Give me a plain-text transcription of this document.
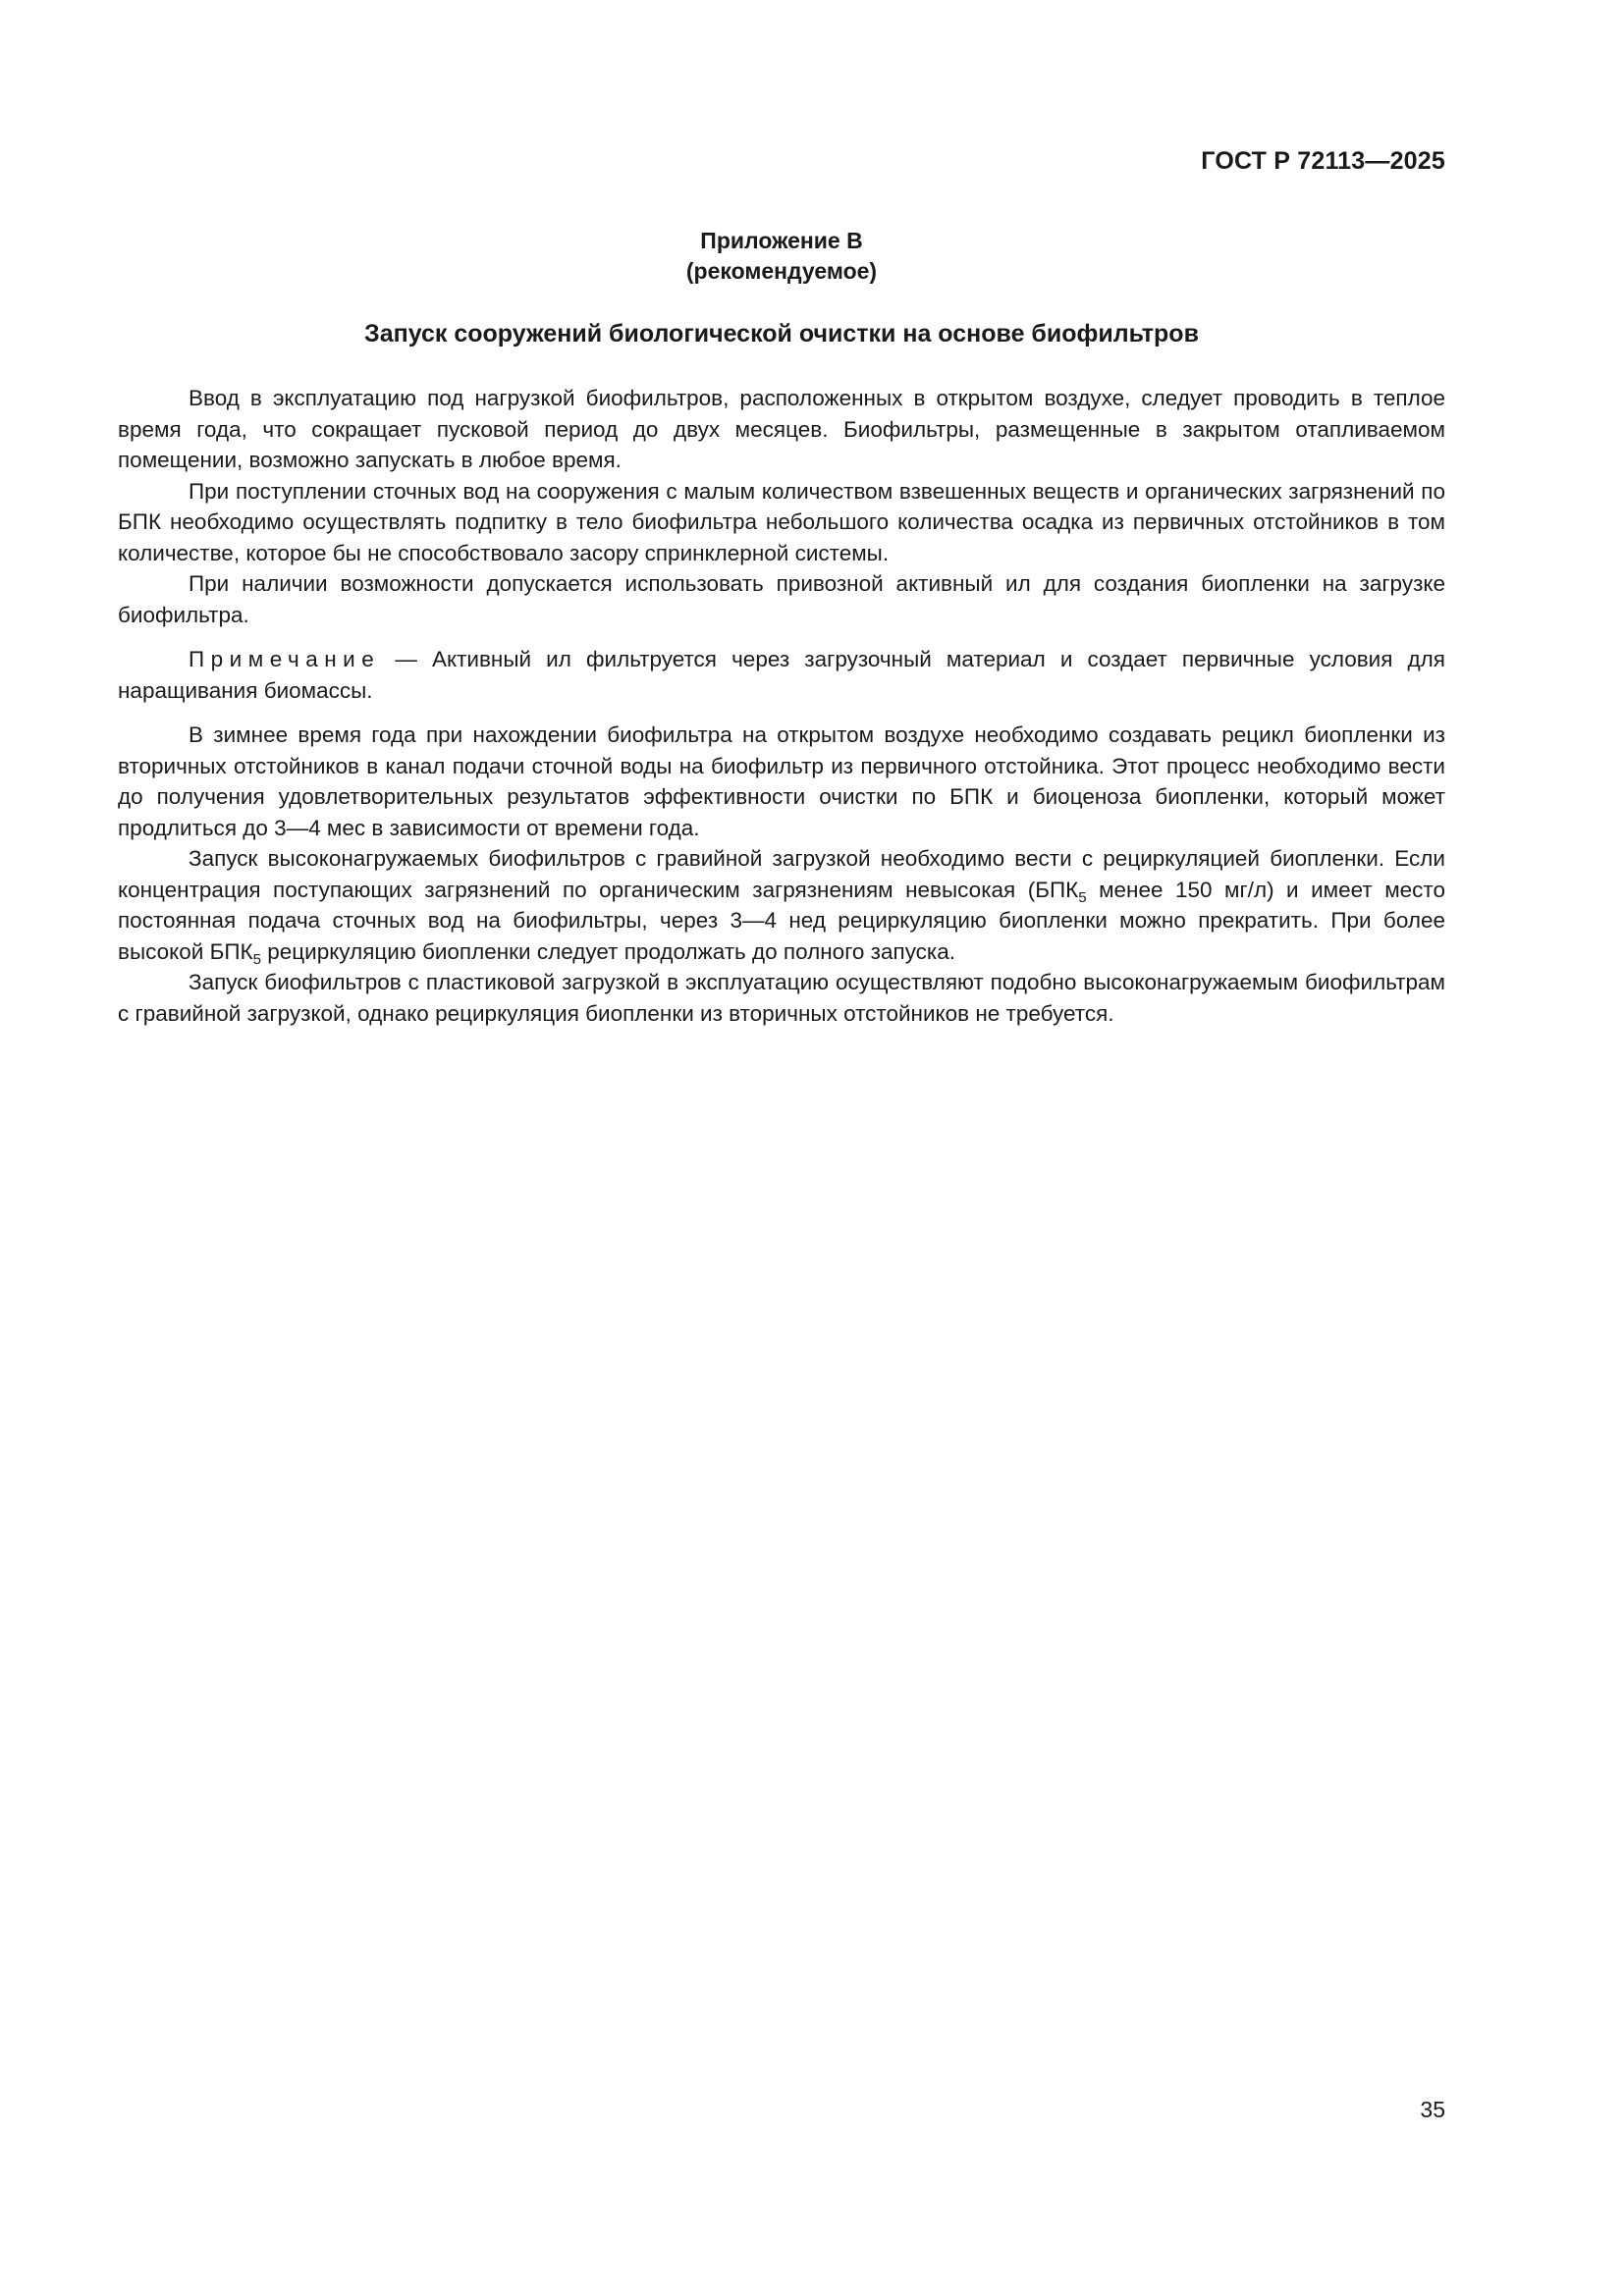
ГОСТ Р 72113—2025
Приложение В
(рекомендуемое)
Запуск сооружений биологической очистки на основе биофильтров

Ввод в эксплуатацию под нагрузкой биофильтров, расположенных в открытом воздухе, следует проводить в теплое время года, что сокращает пусковой период до двух месяцев. Биофильтры, размещенные в закрытом отапливаемом помещении, возможно запускать в любое время.

При поступлении сточных вод на сооружения с малым количеством взвешенных веществ и органических загрязнений по БПК необходимо осуществлять подпитку в тело биофильтра небольшого количества осадка из первичных отстойников в том количестве, которое бы не способствовало засору спринклерной системы.

При наличии возможности допускается использовать привозной активный ил для создания биопленки на загрузке биофильтра.

Примечание — Активный ил фильтруется через загрузочный материал и создает первичные условия для наращивания биомассы.

В зимнее время года при нахождении биофильтра на открытом воздухе необходимо создавать рецикл биопленки из вторичных отстойников в канал подачи сточной воды на биофильтр из первичного отстойника. Этот процесс необходимо вести до получения удовлетворительных результатов эффективности очистки по БПК и биоценоза биопленки, который может продлиться до 3—4 мес в зависимости от времени года.

Запуск высоконагружаемых биофильтров с гравийной загрузкой необходимо вести с рециркуляцией биопленки. Если концентрация поступающих загрязнений по органическим загрязнениям невысокая ($БПК_5$ менее 150 мг/л) и имеет место постоянная подача сточных вод на биофильтры, через 3—4 нед рециркуляцию биопленки можно прекратить. При более высокой $БПК_5$ рециркуляцию биопленки следует продолжать до полного запуска.

Запуск биофильтров с пластиковой загрузкой в эксплуатацию осуществляют подобно высоконагружаемым биофильтрам с гравийной загрузкой, однако рециркуляция биопленки из вторичных отстойников не требуется.

35
